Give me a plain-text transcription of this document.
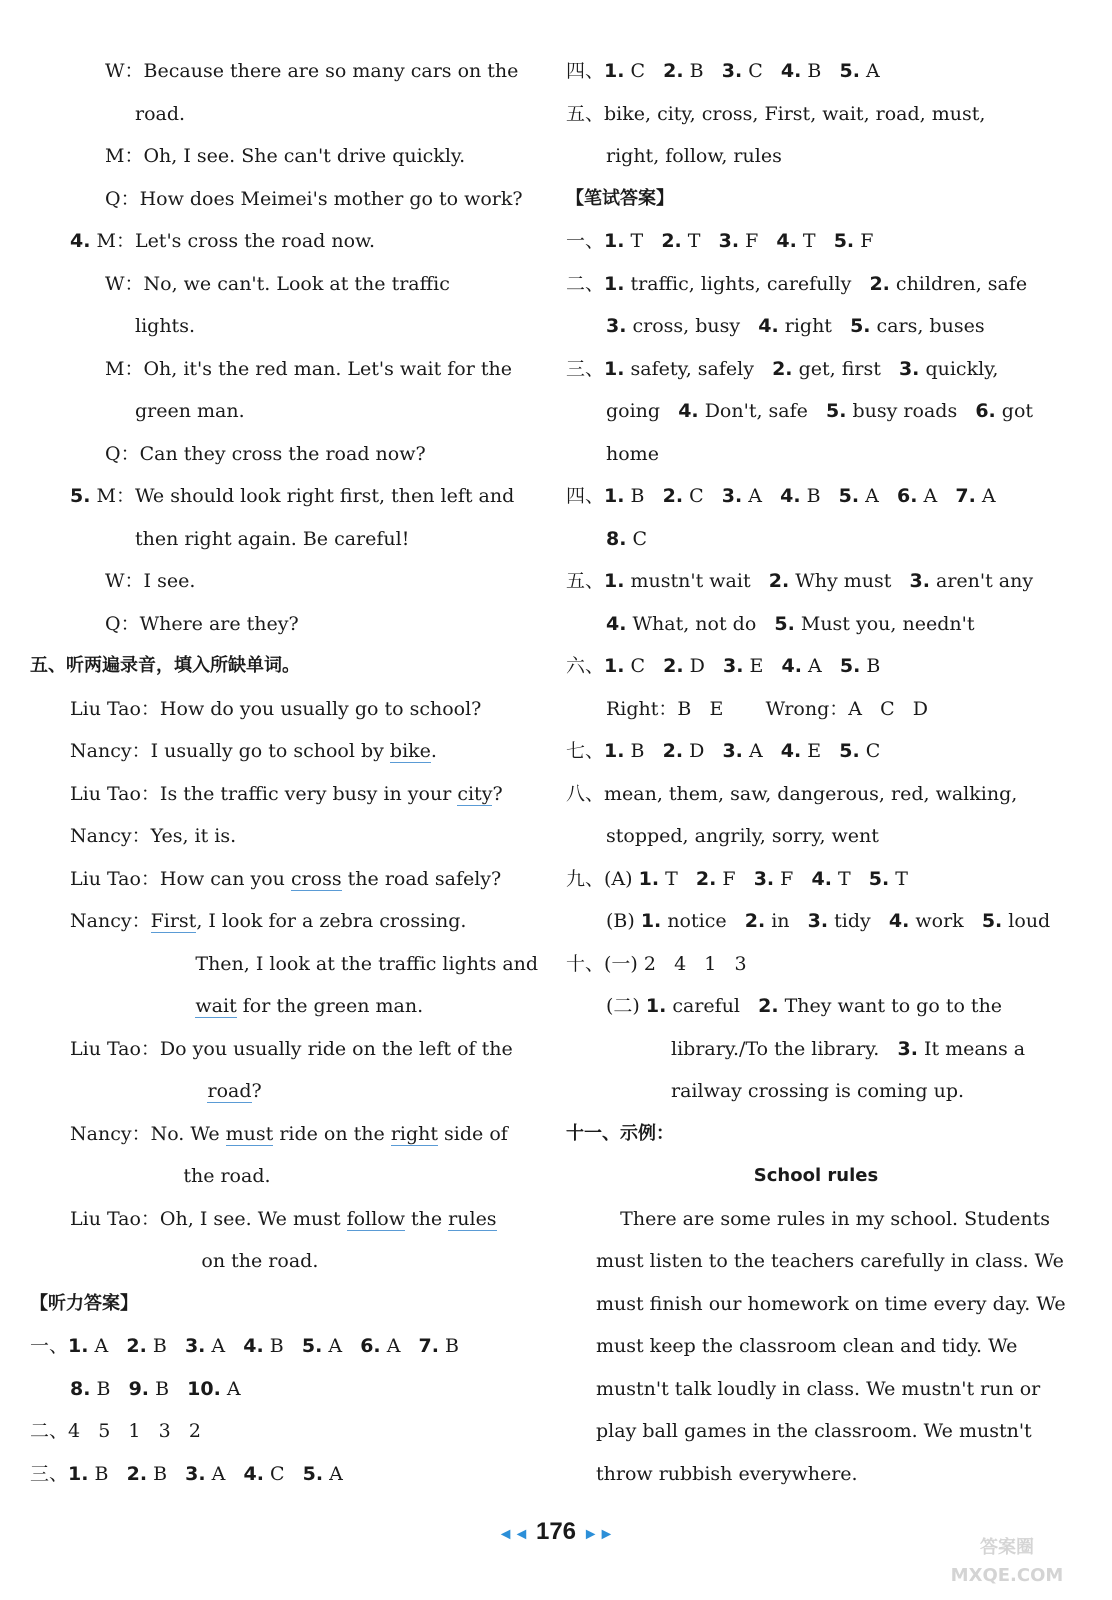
W：Because there are so many cars on the
road.
M：Oh, I see. She can't drive quickly.
Q：How does Meimei's mother go to work?
4. M：Let's cross the road now.
W：No, we can't. Look at the traffic
lights.
M：Oh, it's the red man. Let's wait for the
green man.
Q：Can they cross the road now?
5. M：We should look right first, then left and
then right again. Be careful!
W：I see.
Q：Where are they?
五、听两遍录音，填入所缺单词。
Liu Tao：How do you usually go to school?
Nancy：I usually go to school by bike.
Liu Tao：Is the traffic very busy in your city?
Nancy：Yes, it is.
Liu Tao：How can you cross the road safely?
Nancy：First, I look for a zebra crossing.
Then, I look at the traffic lights and
wait for the green man.
Liu Tao：Do you usually ride on the left of the
road?
Nancy：No. We must ride on the right side of
the road.
Liu Tao：Oh, I see. We must follow the rules
on the road.
【听力答案】
一、1. A   2. B   3. A   4. B   5. A   6. A   7. B
8. B   9. B   10. A
二、4   5   1   3   2
三、1. B   2. B   3. A   4. C   5. A
四、1. C   2. B   3. C   4. B   5. A
五、bike, city, cross, First, wait, road, must,
right, follow, rules
【笔试答案】
一、1. T   2. T   3. F   4. T   5. F
二、1. traffic, lights, carefully   2. children, safe
3. cross, busy   4. right   5. cars, buses
三、1. safety, safely   2. get, first   3. quickly,
going   4. Don't, safe   5. busy roads   6. got
home
四、1. B   2. C   3. A   4. B   5. A   6. A   7. A
8. C
五、1. mustn't wait   2. Why must   3. aren't any
4. What, not do   5. Must you, needn't
六、1. C   2. D   3. E   4. A   5. B
Right：B   E       Wrong：A   C   D
七、1. B   2. D   3. A   4. E   5. C
八、mean, them, saw, dangerous, red, walking,
stopped, angrily, sorry, went
九、(A) 1. T   2. F   3. F   4. T   5. T
(B) 1. notice   2. in   3. tidy   4. work   5. loud
十、(一) 2   4   1   3
(二) 1. careful   2. They want to go to the
library./To the library.   3. It means a
railway crossing is coming up.
十一、示例：
School rules
There are some rules in my school. Students
must listen to the teachers carefully in class. We
must finish our homework on time every day. We
must keep the classroom clean and tidy. We
mustn't talk loudly in class. We mustn't run or
play ball games in the classroom. We mustn't
throw rubbish everywhere.
◄◄ 176 ►►
答案圈
MXQE.COM
